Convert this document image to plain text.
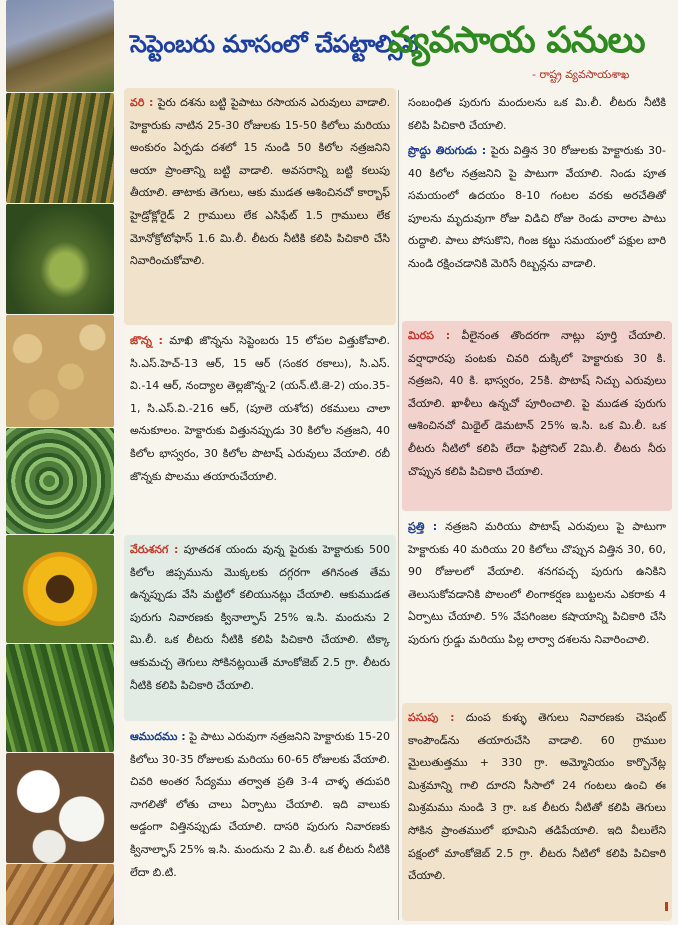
సెప్టెంబరు మాసంలో చేపట్టాల్సిన
వ్యవసాయ పనులు
- రాష్ట్ర వ్యవసాయశాఖ

వరి : పైరు దశను బట్టి పైపాటు రసాయన ఎరువులు వాడాలి. హెక్టారుకు నాటిన 25-30 రోజులకు 15-50 కిలోలు మరియు అంకురం ఏర్పడు దశలో 15 నుండి 50 కిలోల నత్రజనిని ఆయా ప్రాంతాన్ని బట్టి వాడాలి. అవసరాన్ని బట్టి కలుపు తీయాలి. తాటాకు తెగులు, ఆకు ముడత ఆశించినచో కార్బాఫ్ హైడ్రోక్లోరైడ్ 2 గ్రాములు లేక ఎసిఫేట్ 1.5 గ్రాములు లేక మోనోక్రోటోఫాస్ 1.6 మి.లీ. లీటరు నీటికి కలిపి పిచికారి చేసి నివారించుకోవాలి.

జొన్న : మాఖి జొన్నను సెప్టెంబరు 15 లోపల విత్తుకోవాలి. సి.ఎస్.హెచ్-13 ఆర్, 15 ఆర్ (సంకర రకాలు), సి.ఎస్. వి.-14 ఆర్, నంద్యాల తెల్లజొన్న-2 (యన్.టి.జె-2) యం.35-1, సి.ఎస్.వి.-216 ఆర్, (పూలె యశోద) రకములు చాలా అనుకూలం. హెక్టారుకు విత్తునప్పుడు 30 కిలోల నత్రజని, 40 కిలోల భాస్వరం, 30 కిలోల పొటాష్ ఎరువులు వేయాలి. రబీ జొన్నకు పొలము తయారుచేయాలి.

వేరుశనగ : పూతదశ యందు వున్న పైరుకు హెక్టారుకు 500 కిలోల జిప్సమును మొక్కలకు దగ్గరగా తగినంత తేమ ఉన్నప్పుడు వేసి మట్టిలో కలియునట్లు చేయాలి. ఆకుముడత పురుగు నివారణకు క్వినాల్ఫాస్ 25% ఇ.సి. మందును 2 మి.లీ. ఒక లీటరు నీటికి కలిపి పిచికారి చేయాలి. టిక్కా ఆకుమచ్చ తెగులు సోకినట్లయితే మాంకోజెబ్ 2.5 గ్రా. లీటరు నీటికి కలిపి పిచికారి చేయాలి.

ఆముదము : పై పాటు ఎరువుగా నత్రజనిని హెక్టారుకు 15-20 కిలోలు 30-35 రోజులకు మరియు 60-65 రోజులకు వేయాలి. చివరి అంతర సేద్యము తర్వాత ప్రతి 3-4 చాళ్ళ తదుపరి నాగలితో లోతు చాలు ఏర్పాటు చేయాలి. ఇది వాలుకు అడ్డంగా విత్తినప్పుడు చేయాలి. దాసరి పురుగు నివారణకు క్వినాల్ఫాస్ 25% ఇ.సి. మందును 2 మి.లీ. ఒక లీటరు నీటికి లేదా బి.టి.

సంబంధిత పురుగు మందులను ఒక మి.లీ. లీటరు నీటికి కలిపి పిచికారి చేయాలి.

ప్రొద్దు తిరుగుడు : పైరు విత్తిన 30 రోజులకు హెక్టారుకు 30-40 కిలోల నత్రజనిని పై పాటుగా వేయాలి. నిండు పూత సమయంలో ఉదయం 8-10 గంటల వరకు అరచేతితో పూలను మృదువుగా రోజు విడిచి రోజు రెండు వారాల పాటు రుద్దాలి. పాలు పోసుకొని, గింజ కట్టు సమయంలో పక్షుల బారి నుండి రక్షించడానికి మెరిసే రిబ్బన్లను వాడాలి.

మిరప : వీలైనంత తొందరగా నాట్లు పూర్తి చేయాలి. వర్షాధారపు పంటకు చివరి దుక్కిలో హెక్టారుకు 30 కి. నత్రజని, 40 కి. భాస్వరం, 25కి. పొటాష్ నిచ్చు ఎరువులు వేయాలి. ఖాళీలు ఉన్నచో పూరించాలి. పై ముడత పురుగు ఆశించినచో మిథైల్ డెమటాన్ 25% ఇ.సి. ఒక మి.లీ. ఒక లీటరు నీటిలో కలిపి లేదా ఫిప్రోనిల్ 2మి.లీ. లీటరు నీరు చొప్పున కలిపి పిచికారి చేయాలి.

ప్రత్తి : నత్రజని మరియు పొటాష్ ఎరువులు పై పాటుగా హెక్టారుకు 40 మరియు 20 కిలోలు చొప్పున విత్తిన 30, 60, 90 రోజులలో వేయాలి. శనగపచ్చ పురుగు ఉనికిని తెలుసుకోవడానికి పొలంలో లింగాకర్షణ బుట్టలను ఎకరాకు 4 ఏర్పాటు చేయాలి. 5% వేపగింజల కషాయాన్ని పిచికారి చేసి పురుగు గ్రుడ్డు మరియు పిల్ల లార్వా దశలను నివారించాలి.

పసుపు : దుంప కుళ్ళు తెగులు నివారణకు చెషంట్ కాంపౌండ్‌ను తయారుచేసి వాడాలి. 60 గ్రాముల మైలుతుత్తము + 330 గ్రా. అమ్మోనియం కార్బొనేట్ల మిశ్రమాన్ని గాలి దూరని సీసాలో 24 గంటలు ఉంచి ఈ మిశ్రమము నుండి 3 గ్రా. ఒక లీటరు నీటితో కలిపి తెగులు సోకిన ప్రాంతములో భూమిని తడిపేయాలి. ఇది వీలులేని పక్షంలో మాంకోజెబ్ 2.5 గ్రా. లీటరు నీటిలో కలిపి పిచికారి చేయాలి.
